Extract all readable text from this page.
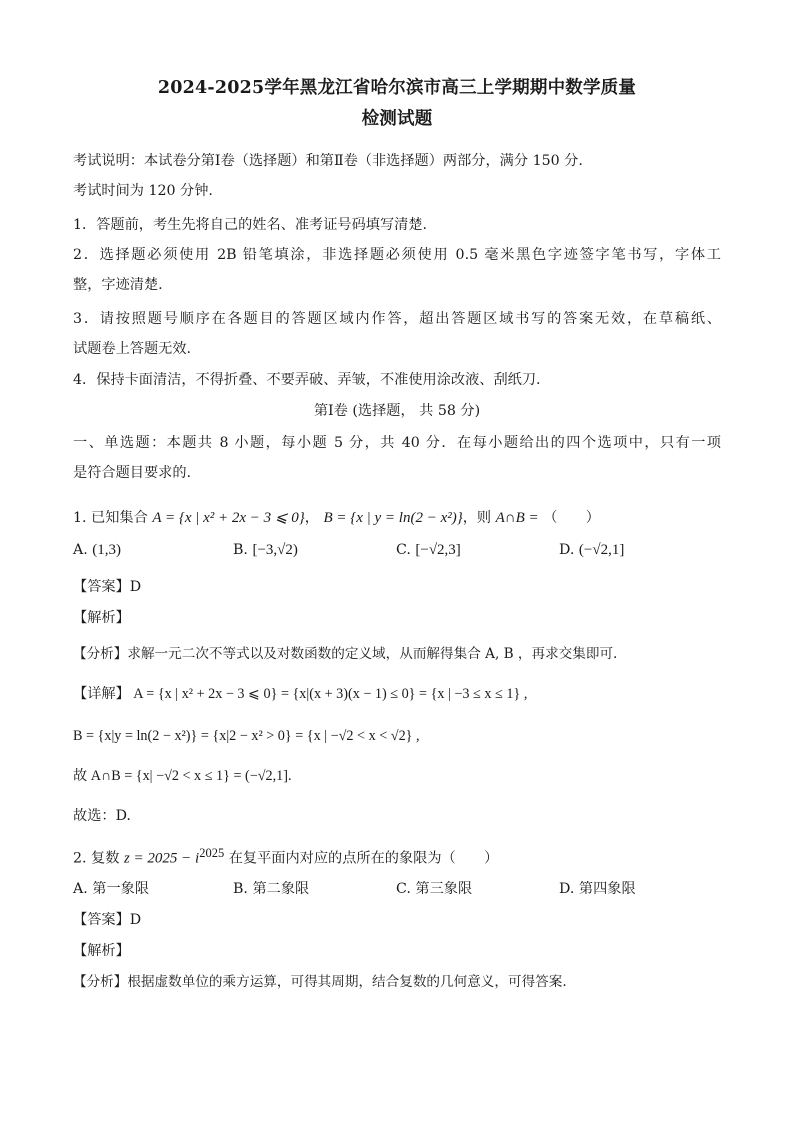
2024-2025学年黑龙江省哈尔滨市高三上学期期中数学质量
检测试题
考试说明：本试卷分第Ⅰ卷（选择题）和第Ⅱ卷（非选择题）两部分，满分 150 分.
考试时间为 120 分钟.
1．答题前，考生先将自己的姓名、准考证号码填写清楚.
2．选择题必须使用 2B 铅笔填涂，非选择题必须使用 0.5 毫米黑色字迹签字笔书写，字体工
整，字迹清楚.
3．请按照题号顺序在各题目的答题区域内作答，超出答题区域书写的答案无效，在草稿纸、
试题卷上答题无效.
4．保持卡面清洁，不得折叠、不要弄破、弄皱，不准使用涂改液、刮纸刀.
第Ⅰ卷 (选择题， 共 58 分)
一、单选题：本题共 8 小题，每小题 5 分，共 40 分．在每小题给出的四个选项中，只有一项
是符合题目要求的.
1. 已知集合 A = {x | x² + 2x − 3 ⩽ 0}， B = {x | y = ln(2 − x²)}，则 A∩B = （　　）
A. (1,3)	B. [−3,√2)	C. [−√2,3]	D. (−√2,1]
【答案】D
【解析】
【分析】求解一元二次不等式以及对数函数的定义域，从而解得集合 A, B ，再求交集即可.
【详解】 A = {x | x² + 2x − 3 ⩽ 0} = {x|(x + 3)(x − 1) ≤ 0} = {x | −3 ≤ x ≤ 1} ,
B = {x|y = ln(2 − x²)} = {x|2 − x² > 0} = {x | −√2 < x < √2} ,
故 A∩B = {x| −√2 < x ≤ 1} = (−√2,1].
故选：D.
2. 复数 $z = 2025 - i^{2025}$ 在复平面内对应的点所在的象限为（　　）
A. 第一象限	B. 第二象限	C. 第三象限	D. 第四象限
【答案】D
【解析】
【分析】根据虚数单位的乘方运算，可得其周期，结合复数的几何意义，可得答案.
